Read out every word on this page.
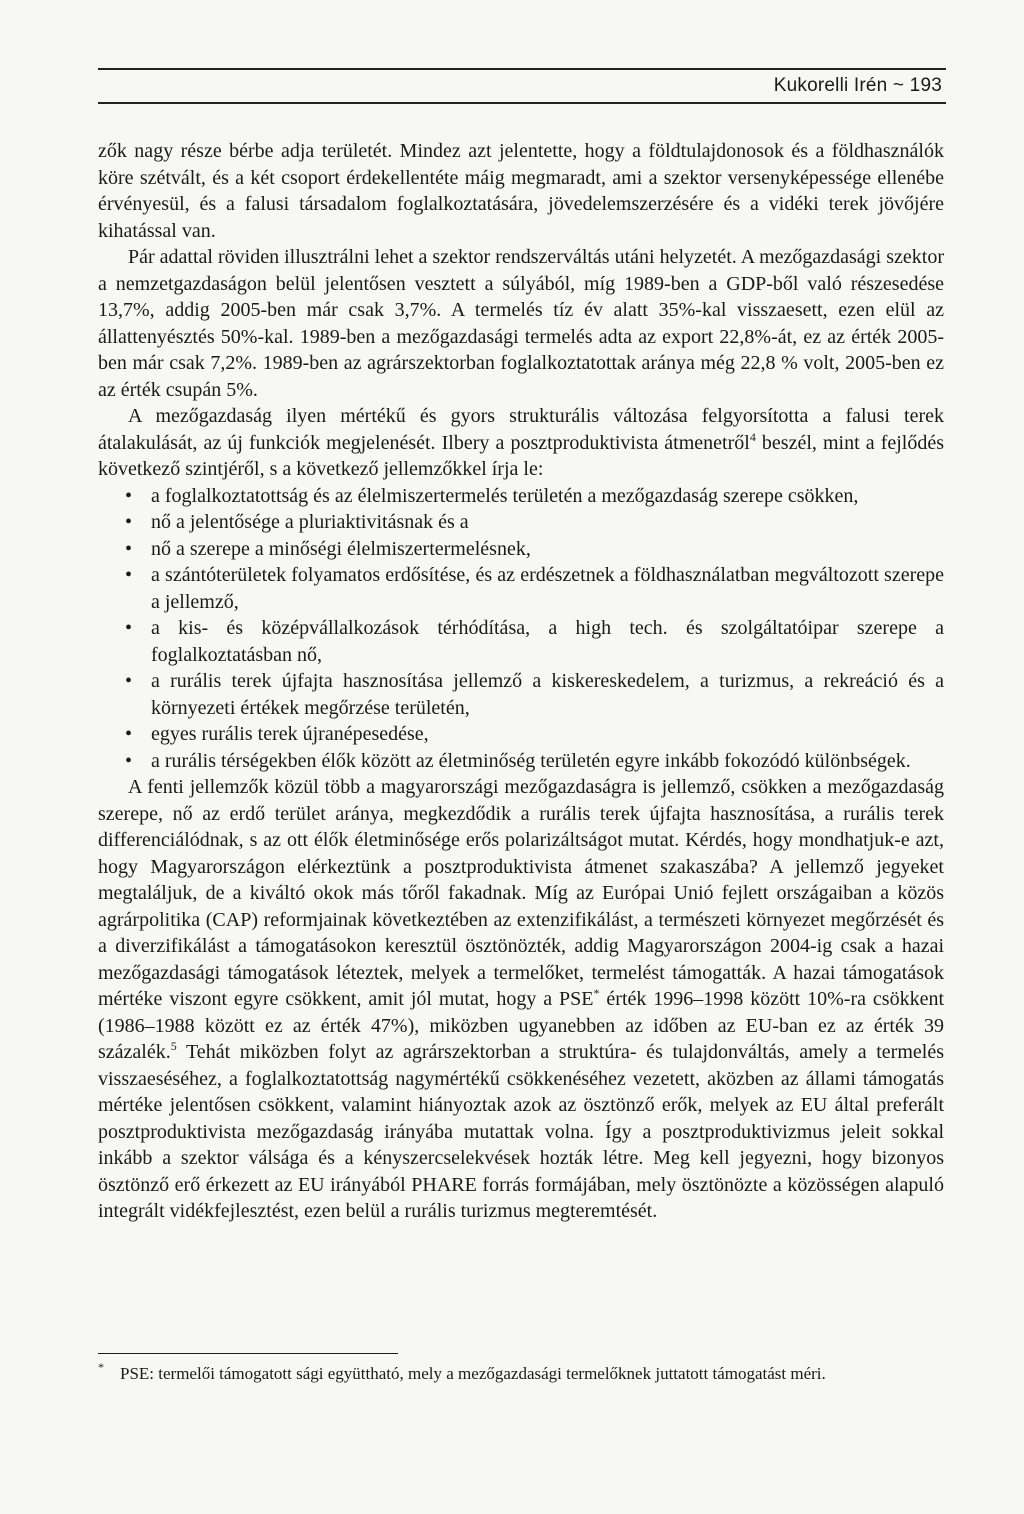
Kukorelli Irén ~ 193

zők nagy része bérbe adja területét. Mindez azt jelentette, hogy a földtulajdonosok és a földhasználók köre szétvált, és a két csoport érdekellentéte máig megmaradt, ami a szektor versenyképessége ellenébe érvényesül, és a falusi társadalom foglalkoztatására, jövedelemszerzésére és a vidéki terek jövőjére kihatással van.

Pár adattal röviden illusztrálni lehet a szektor rendszerváltás utáni helyzetét. A mezőgazdasági szektor a nemzetgazdaságon belül jelentősen vesztett a súlyából, míg 1989-ben a GDP-ből való részesedése 13,7%, addig 2005-ben már csak 3,7%. A termelés tíz év alatt 35%-kal visszaesett, ezen elül az állattenyésztés 50%-kal. 1989-ben a mezőgazdasági termelés adta az export 22,8%-át, ez az érték 2005-ben már csak 7,2%. 1989-ben az agrárszektorban foglalkoztatottak aránya még 22,8 % volt, 2005-ben ez az érték csupán 5%.

A mezőgazdaság ilyen mértékű és gyors strukturális változása felgyorsította a falusi terek átalakulását, az új funkciók megjelenését. Ilbery a posztproduktivista átmenetről$^4$ beszél, mint a fejlődés következő szintjéről, s a következő jellemzőkkel írja le:

• a foglalkoztatottság és az élelmiszertermelés területén a mezőgazdaság szerepe csökken,
• nő a jelentősége a pluriaktivitásnak és a
• nő a szerepe a minőségi élelmiszertermelésnek,
• a szántóterületek folyamatos erdősítése, és az erdészetnek a földhasználatban megváltozott szerepe a jellemző,
• a kis- és középvállalkozások térhódítása, a high tech. és szolgáltatóipar szerepe a foglalkoztatásban nő,
• a rurális terek újfajta hasznosítása jellemző a kiskereskedelem, a turizmus, a rekreáció és a környezeti értékek megőrzése területén,
• egyes rurális terek újranépesedése,
• a rurális térségekben élők között az életminőség területén egyre inkább fokozódó különbségek.

A fenti jellemzők közül több a magyarországi mezőgazdaságra is jellemző, csökken a mezőgazdaság szerepe, nő az erdő terület aránya, megkezdődik a rurális terek újfajta hasznosítása, a rurális terek differenciálódnak, s az ott élők életminősége erős polarizáltságot mutat. Kérdés, hogy mondhatjuk-e azt, hogy Magyarországon elérkeztünk a posztproduktivista átmenet szakaszába? A jellemző jegyeket megtaláljuk, de a kiváltó okok más tőről fakadnak. Míg az Európai Unió fejlett országaiban a közös agrárpolitika (CAP) reformjainak következtében az extenzifikálást, a természeti környezet megőrzését és a diverzifikálást a támogatásokon keresztül ösztönözték, addig Magyarországon 2004-ig csak a hazai mezőgazdasági támogatások léteztek, melyek a termelőket, termelést támogatták. A hazai támogatások mértéke viszont egyre csökkent, amit jól mutat, hogy a PSE* érték 1996–1998 között 10%-ra csökkent (1986–1988 között ez az érték 47%), miközben ugyanebben az időben az EU-ban ez az érték 39 százalék.$^5$ Tehát miközben folyt az agrárszektorban a struktúra- és tulajdonváltás, amely a termelés visszaeséséhez, a foglalkoztatottság nagymértékű csökkenéséhez vezetett, aközben az állami támogatás mértéke jelentősen csökkent, valamint hiányoztak azok az ösztönző erők, melyek az EU által preferált posztproduktivista mezőgazdaság irányába mutattak volna. Így a posztproduktivizmus jeleit sokkal inkább a szektor válsága és a kényszercselekvések hozták létre. Meg kell jegyezni, hogy bizonyos ösztönző erő érkezett az EU irányából PHARE forrás formájában, mely ösztönözte a közösségen alapuló integrált vidékfejlesztést, ezen belül a rurális turizmus megteremtését.

* PSE: termelői támogatott sági együttható, mely a mezőgazdasági termelőknek juttatott támogatást méri.
